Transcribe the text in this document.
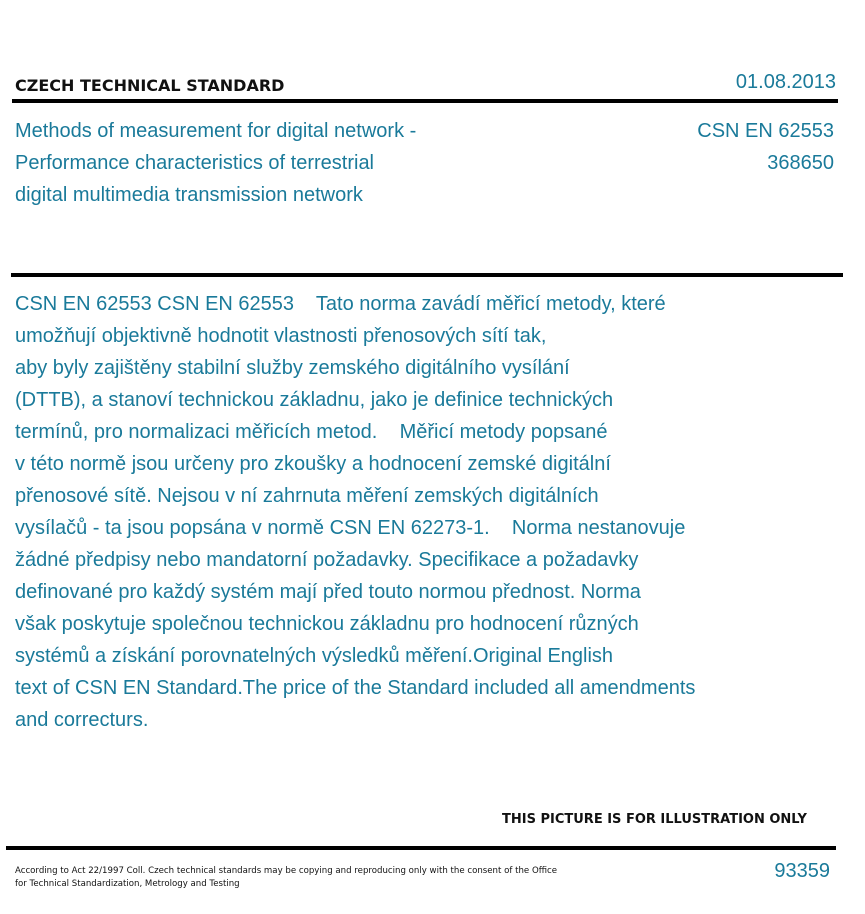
CZECH TECHNICAL STANDARD	01.08.2013
Methods of measurement for digital network -
Performance characteristics of terrestrial
digital multimedia transmission network
CSN EN 62553
368650
CSN EN 62553 CSN EN 62553    Tato norma zavádí měřicí metody, které
umožňují objektivně hodnotit vlastnosti přenosových sítí tak,
aby byly zajištěny stabilní služby zemského digitálního vysílání
(DTTB), a stanoví technickou základnu, jako je definice technických
termínů, pro normalizaci měřicích metod.    Měřicí metody popsané
v této normě jsou určeny pro zkoušky a hodnocení zemské digitální
přenosové sítě. Nejsou v ní zahrnuta měření zemských digitálních
vysílačů - ta jsou popsána v normě CSN EN 62273-1.    Norma nestanovuje
žádné předpisy nebo mandatorní požadavky. Specifikace a požadavky
definované pro každý systém mají před touto normou přednost. Norma
však poskytuje společnou technickou základnu pro hodnocení různých
systémů a získání porovnatelných výsledků měření.Original English
text of CSN EN Standard.The price of the Standard included all amendments
and correcturs.
THIS PICTURE IS FOR ILLUSTRATION ONLY
According to Act 22/1997 Coll. Czech technical standards may be copying and reproducing only with the consent of the Office
for Technical Standardization, Metrology and Testing
93359
